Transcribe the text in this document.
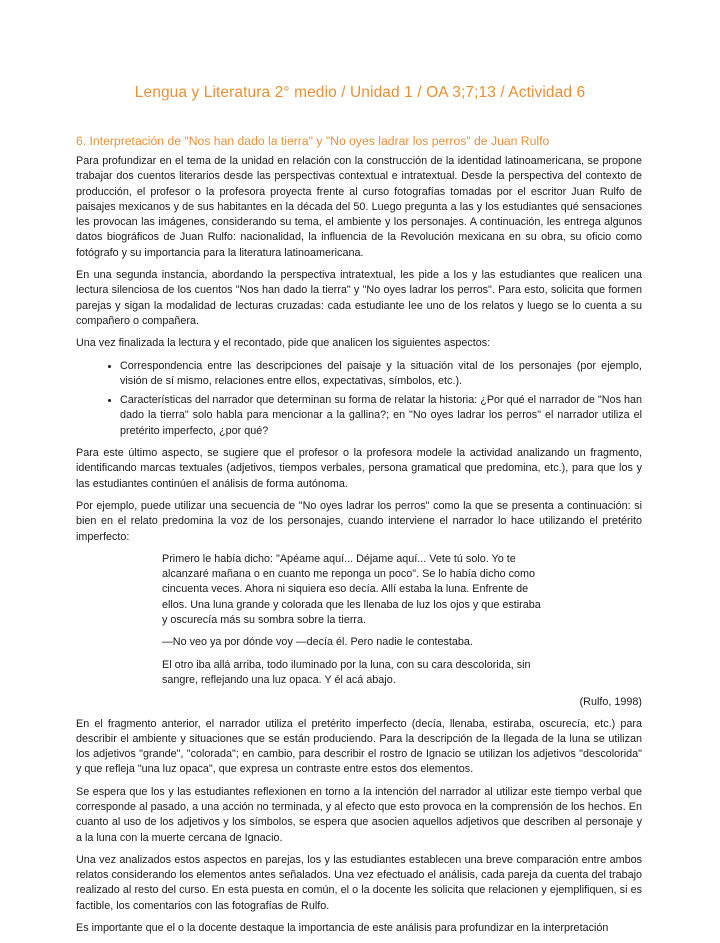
Lengua y Literatura 2° medio / Unidad 1 / OA 3;7;13 / Actividad 6
6. Interpretación de "Nos han dado la tierra" y "No oyes ladrar los perros" de Juan Rulfo

Para profundizar en el tema de la unidad en relación con la construcción de la identidad latinoamericana, se propone trabajar dos cuentos literarios desde las perspectivas contextual e intratextual. Desde la perspectiva del contexto de producción, el profesor o la profesora proyecta frente al curso fotografías tomadas por el escritor Juan Rulfo de paisajes mexicanos y de sus habitantes en la década del 50. Luego pregunta a las y los estudiantes qué sensaciones les provocan las imágenes, considerando su tema, el ambiente y los personajes. A continuación, les entrega algunos datos biográficos de Juan Rulfo: nacionalidad, la influencia de la Revolución mexicana en su obra, su oficio como fotógrafo y su importancia para la literatura latinoamericana.

En una segunda instancia, abordando la perspectiva intratextual, les pide a los y las estudiantes que realicen una lectura silenciosa de los cuentos "Nos han dado la tierra" y "No oyes ladrar los perros". Para esto, solicita que formen parejas y sigan la modalidad de lecturas cruzadas: cada estudiante lee uno de los relatos y luego se lo cuenta a su compañero o compañera.

Una vez finalizada la lectura y el recontado, pide que analicen los siguientes aspectos:

• Correspondencia entre las descripciones del paisaje y la situación vital de los personajes (por ejemplo, visión de sí mismo, relaciones entre ellos, expectativas, símbolos, etc.).
• Características del narrador que determinan su forma de relatar la historia: ¿Por qué el narrador de "Nos han dado la tierra" solo habla para mencionar a la gallina?; en "No oyes ladrar los perros" el narrador utiliza el pretérito imperfecto, ¿por qué?

Para este último aspecto, se sugiere que el profesor o la profesora modele la actividad analizando un fragmento, identificando marcas textuales (adjetivos, tiempos verbales, persona gramatical que predomina, etc.), para que los y las estudiantes continúen el análisis de forma autónoma.

Por ejemplo, puede utilizar una secuencia de "No oyes ladrar los perros" como la que se presenta a continuación: si bien en el relato predomina la voz de los personajes, cuando interviene el narrador lo hace utilizando el pretérito imperfecto:

Primero le había dicho: "Apéame aquí... Déjame aquí... Vete tú solo. Yo te alcanzaré mañana o en cuanto me reponga un poco". Se lo había dicho como cincuenta veces. Ahora ni siquiera eso decía. Allí estaba la luna. Enfrente de ellos. Una luna grande y colorada que les llenaba de luz los ojos y que estiraba y oscurecía más su sombra sobre la tierra.

—No veo ya por dónde voy —decía él. Pero nadie le contestaba.

El otro iba allá arriba, todo iluminado por la luna, con su cara descolorida, sin sangre, reflejando una luz opaca. Y él acá abajo.

(Rulfo, 1998)

En el fragmento anterior, el narrador utiliza el pretérito imperfecto (decía, llenaba, estiraba, oscurecía, etc.) para describir el ambiente y situaciones que se están produciendo. Para la descripción de la llegada de la luna se utilizan los adjetivos "grande", "colorada"; en cambio, para describir el rostro de Ignacio se utilizan los adjetivos "descolorida" y que refleja "una luz opaca", que expresa un contraste entre estos dos elementos.

Se espera que los y las estudiantes reflexionen en torno a la intención del narrador al utilizar este tiempo verbal que corresponde al pasado, a una acción no terminada, y al efecto que esto provoca en la comprensión de los hechos. En cuanto al uso de los adjetivos y los símbolos, se espera que asocien aquellos adjetivos que describen al personaje y a la luna con la muerte cercana de Ignacio.

Una vez analizados estos aspectos en parejas, los y las estudiantes establecen una breve comparación entre ambos relatos considerando los elementos antes señalados. Una vez efectuado el análisis, cada pareja da cuenta del trabajo realizado al resto del curso. En esta puesta en común, el o la docente les solicita que relacionen y ejemplifiquen, si es factible, los comentarios con las fotografías de Rulfo.

Es importante que el o la docente destaque la importancia de este análisis para profundizar en la interpretación
